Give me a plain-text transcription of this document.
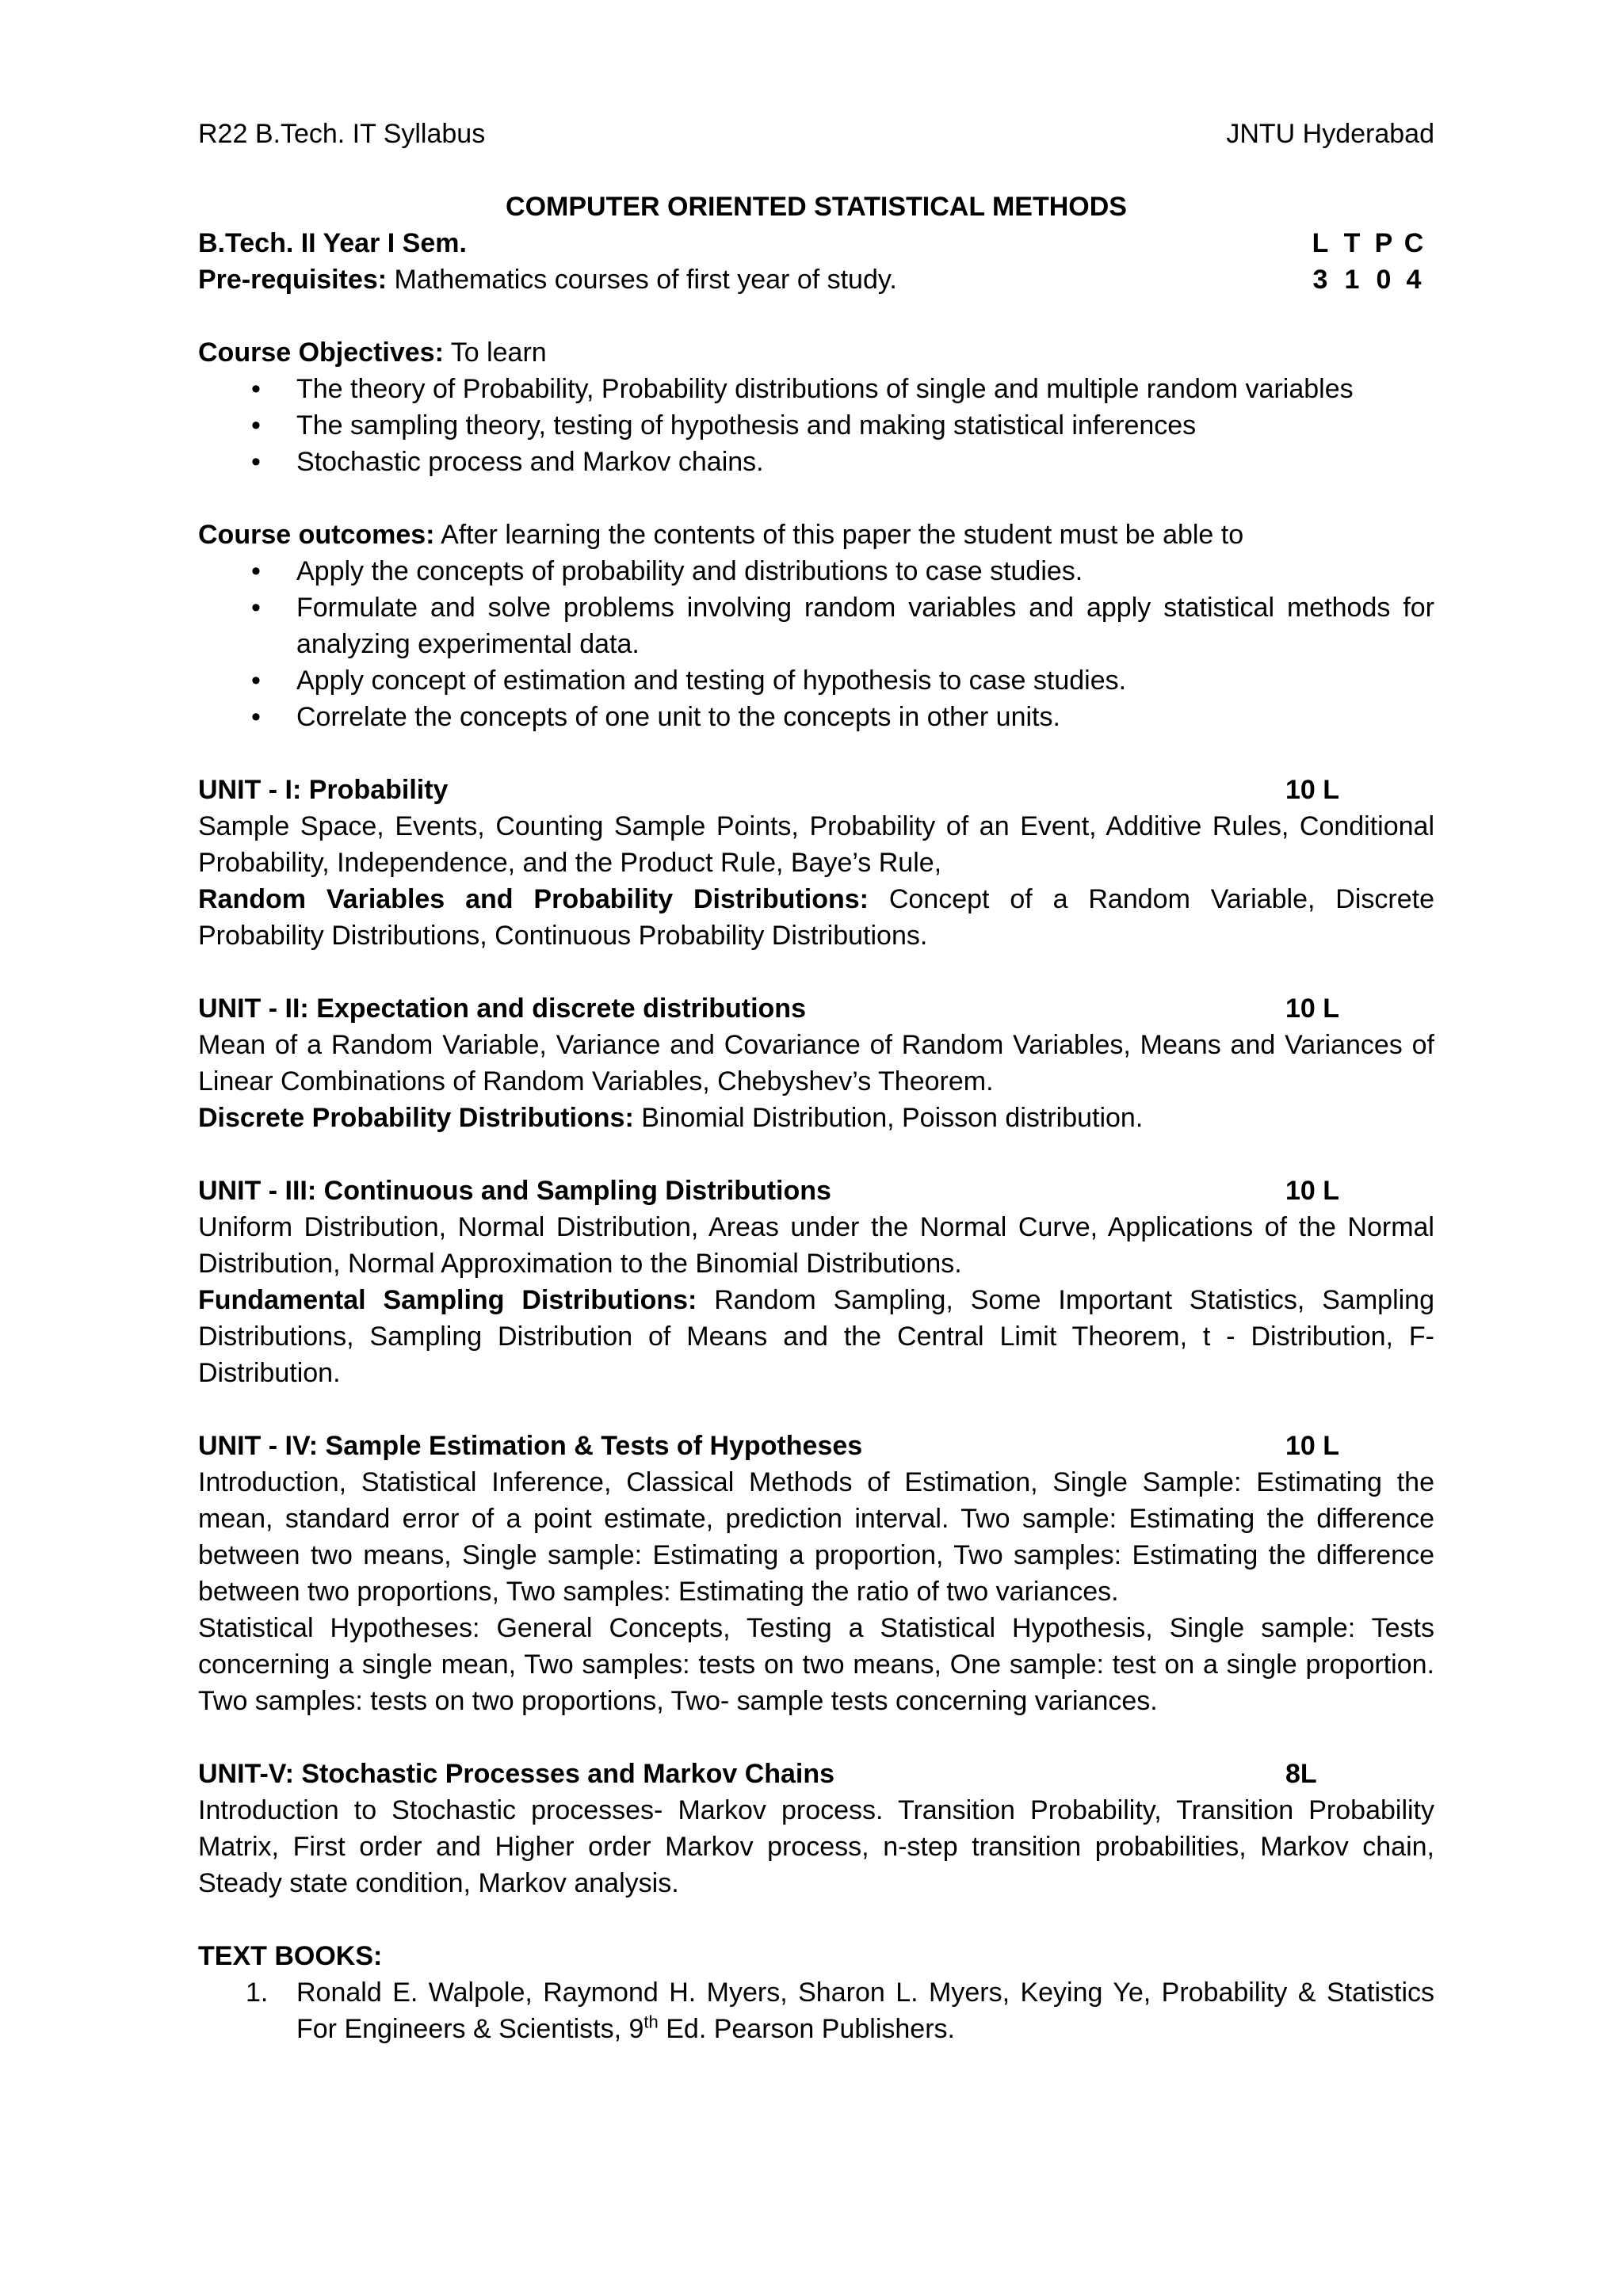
R22 B.Tech. IT Syllabus	JNTU Hyderabad
COMPUTER ORIENTED STATISTICAL METHODS
B.Tech. II Year I Sem.	L T P C
3 1 0 4
Pre-requisites: Mathematics courses of first year of study.
Course Objectives: To learn
• The theory of Probability, Probability distributions of single and multiple random variables
• The sampling theory, testing of hypothesis and making statistical inferences
• Stochastic process and Markov chains.
Course outcomes: After learning the contents of this paper the student must be able to
• Apply the concepts of probability and distributions to case studies.
• Formulate and solve problems involving random variables and apply statistical methods for analyzing experimental data.
• Apply concept of estimation and testing of hypothesis to case studies.
• Correlate the concepts of one unit to the concepts in other units.
UNIT - I: Probability	10 L

Sample Space, Events, Counting Sample Points, Probability of an Event, Additive Rules, Conditional Probability, Independence, and the Product Rule, Baye’s Rule,

Random Variables and Probability Distributions: Concept of a Random Variable, Discrete Probability Distributions, Continuous Probability Distributions.

UNIT - II: Expectation and discrete distributions	10 L

Mean of a Random Variable, Variance and Covariance of Random Variables, Means and Variances of Linear Combinations of Random Variables, Chebyshev’s Theorem.

Discrete Probability Distributions: Binomial Distribution, Poisson distribution.

UNIT - III: Continuous and Sampling Distributions	10 L

Uniform Distribution, Normal Distribution, Areas under the Normal Curve, Applications of the Normal Distribution, Normal Approximation to the Binomial Distributions.

Fundamental Sampling Distributions: Random Sampling, Some Important Statistics, Sampling Distributions, Sampling Distribution of Means and the Central Limit Theorem, t - Distribution, F-Distribution.

UNIT - IV: Sample Estimation & Tests of Hypotheses	10 L

Introduction, Statistical Inference, Classical Methods of Estimation, Single Sample: Estimating the mean, standard error of a point estimate, prediction interval. Two sample: Estimating the difference between two means, Single sample: Estimating a proportion, Two samples: Estimating the difference between two proportions, Two samples: Estimating the ratio of two variances.

Statistical Hypotheses: General Concepts, Testing a Statistical Hypothesis, Single sample: Tests concerning a single mean, Two samples: tests on two means, One sample: test on a single proportion. Two samples: tests on two proportions, Two- sample tests concerning variances.

UNIT-V: Stochastic Processes and Markov Chains	8L

Introduction to Stochastic processes- Markov process. Transition Probability, Transition Probability Matrix, First order and Higher order Markov process, n-step transition probabilities, Markov chain, Steady state condition, Markov analysis.

TEXT BOOKS:
1. Ronald E. Walpole, Raymond H. Myers, Sharon L. Myers, Keying Ye, Probability & Statistics For Engineers & Scientists, 9th Ed. Pearson Publishers.
